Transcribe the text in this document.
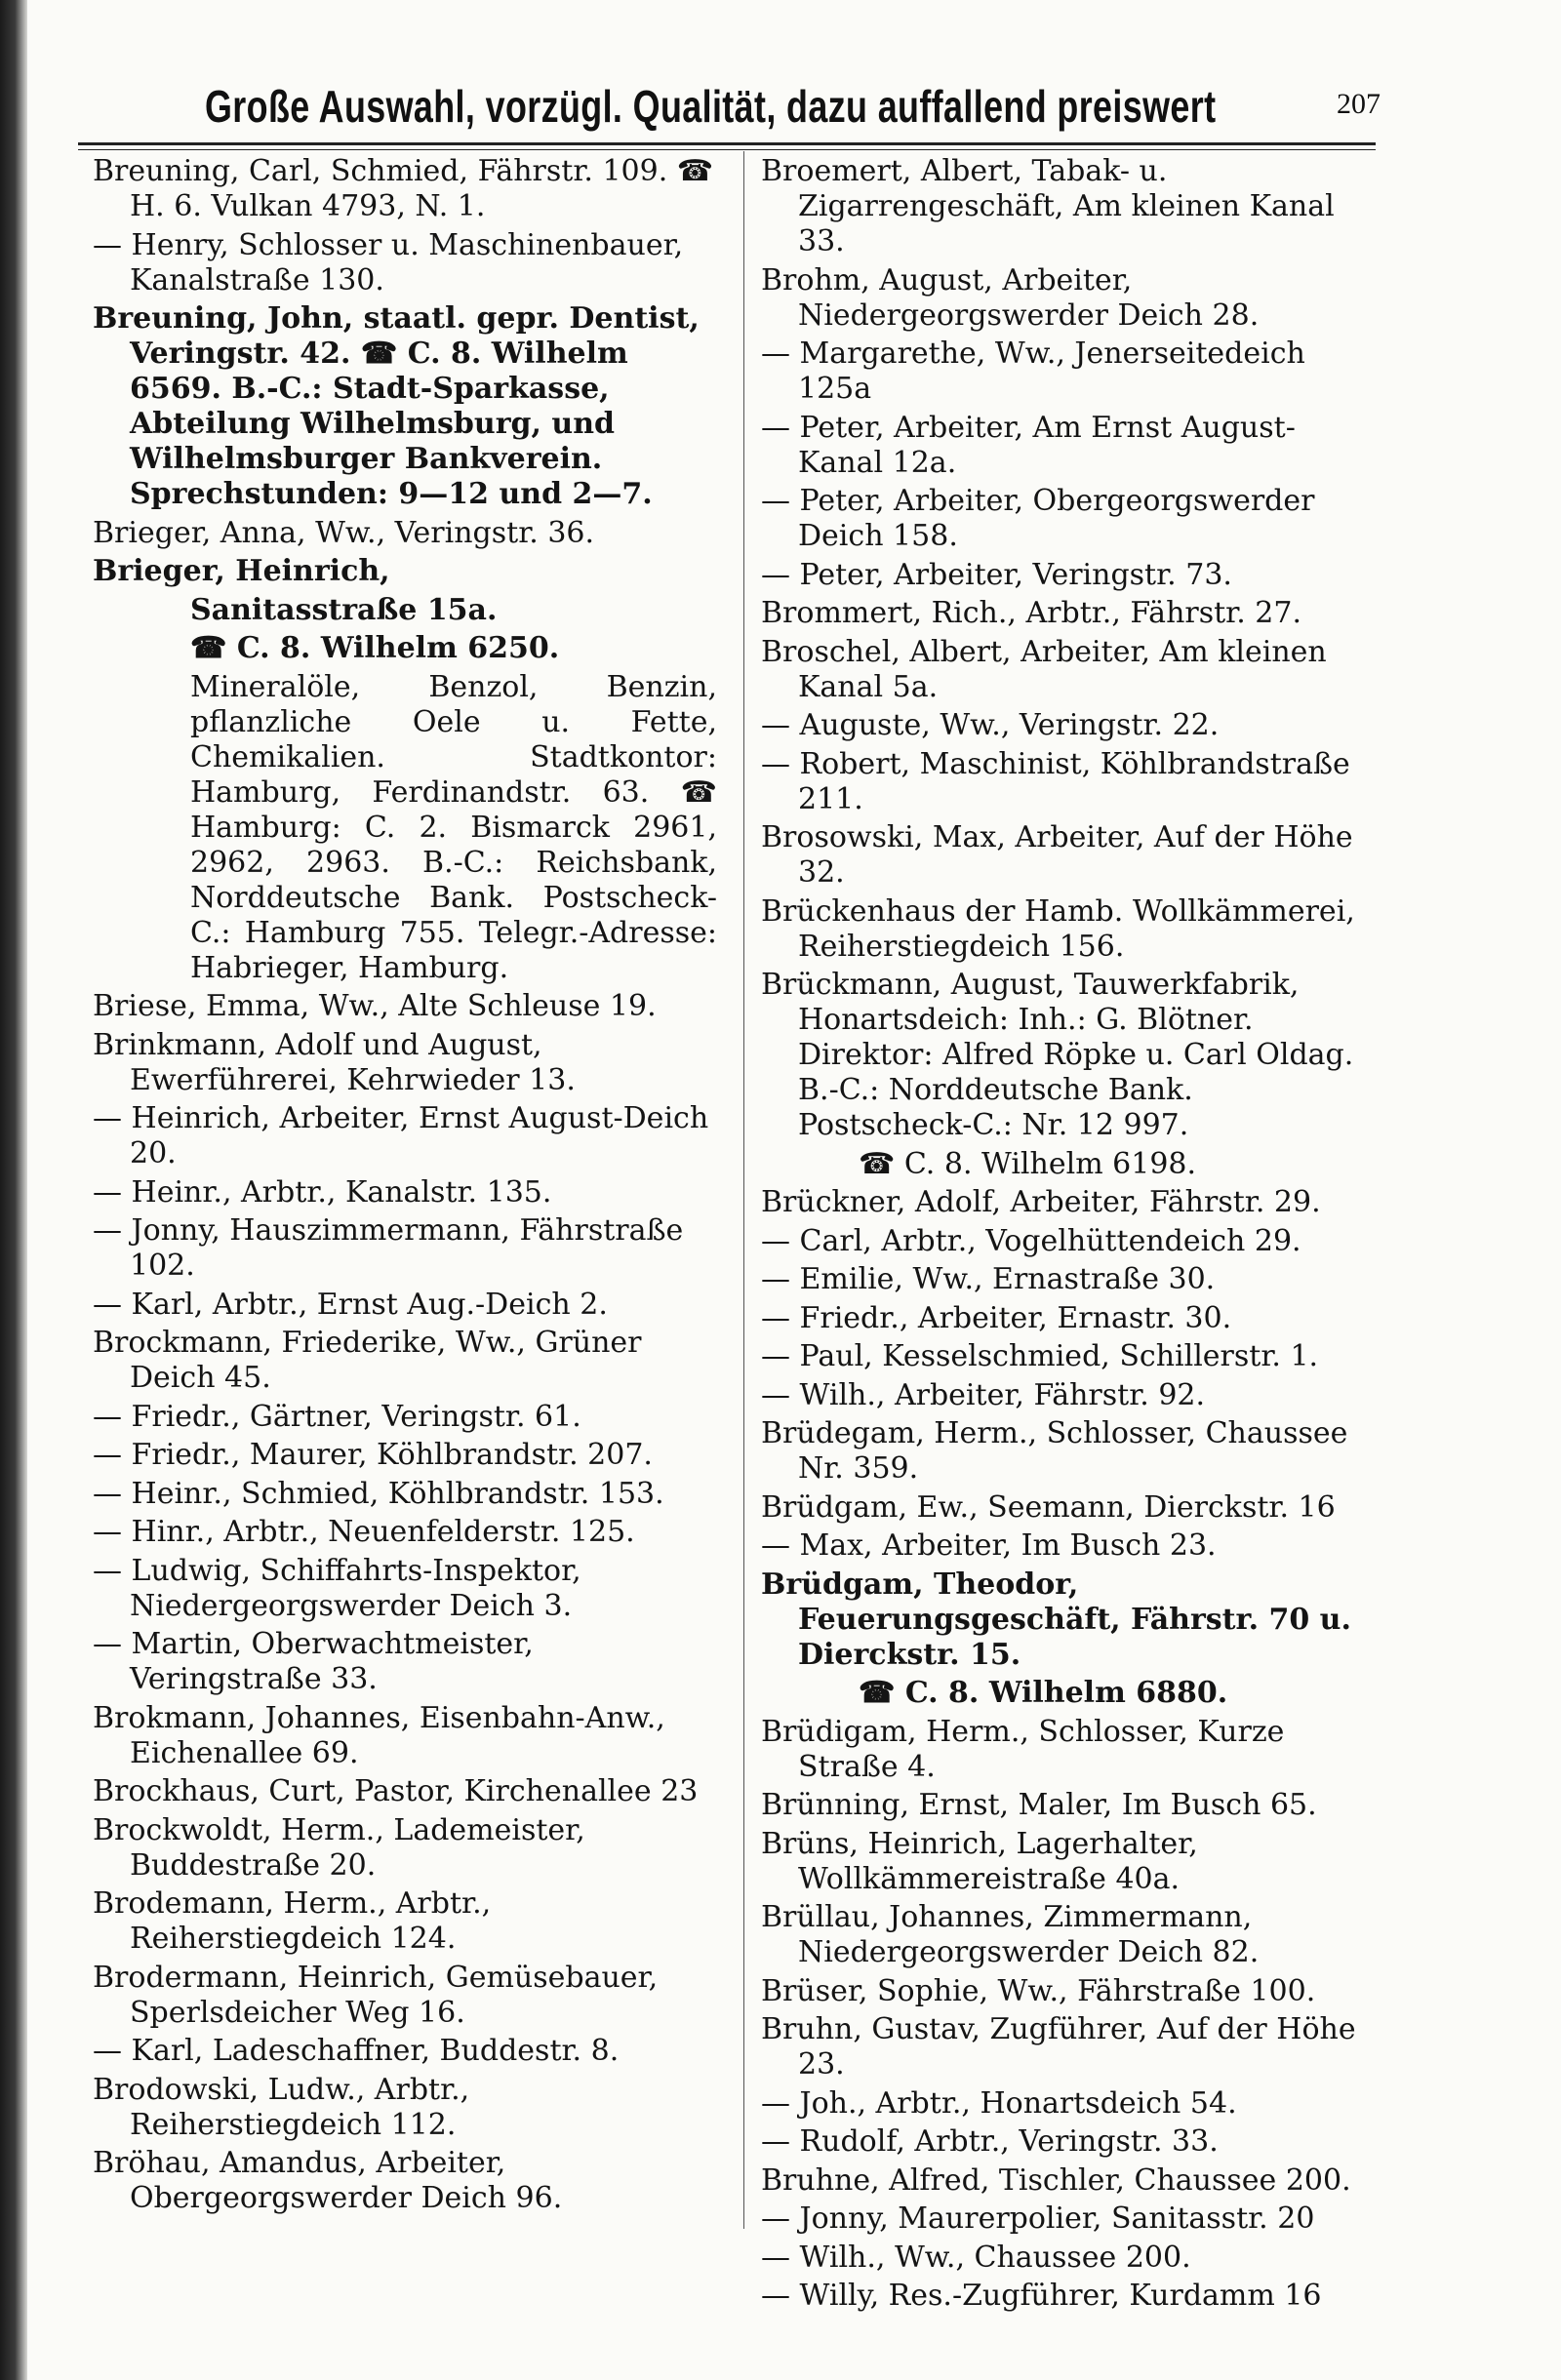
Große Auswahl, vorzügl. Qualität, dazu auffallend preiswert	207

Breuning, Carl, Schmied, Fährstr. 109. ☎ H. 6. Vulkan 4793, N. 1.

— Henry, Schlosser u. Maschinenbauer, Kanalstraße 130.

Breuning, John, staatl. gepr. Dentist, Veringstr. 42. ☎ C. 8. Wilhelm 6569. B.-C.: Stadt-Sparkasse, Abteilung Wilhelmsburg, und Wilhelmsburger Bankverein. Sprechstunden: 9—12 und 2—7.

Brieger, Anna, Ww., Veringstr. 36.

Brieger, Heinrich,

Sanitasstraße 15a.

☎ C. 8. Wilhelm 6250.

Mineralöle, Benzol, Benzin, pflanzliche Oele u. Fette, Chemikalien. Stadtkontor: Hamburg, Ferdinandstr. 63. ☎ Hamburg: C. 2. Bismarck 2961, 2962, 2963. B.-C.: Reichsbank, Norddeutsche Bank. Postscheck-C.: Hamburg 755. Telegr.-Adresse: Habrieger, Hamburg.

Briese, Emma, Ww., Alte Schleuse 19.

Brinkmann, Adolf und August, Ewerführerei, Kehrwieder 13.

— Heinrich, Arbeiter, Ernst August-Deich 20.

— Heinr., Arbtr., Kanalstr. 135.

— Jonny, Hauszimmermann, Fährstraße 102.

— Karl, Arbtr., Ernst Aug.-Deich 2.

Brockmann, Friederike, Ww., Grüner Deich 45.

— Friedr., Gärtner, Veringstr. 61.

— Friedr., Maurer, Köhlbrandstr. 207.

— Heinr., Schmied, Köhlbrandstr. 153.

— Hinr., Arbtr., Neuenfelderstr. 125.

— Ludwig, Schiffahrts-Inspektor, Niedergeorgswerder Deich 3.

— Martin, Oberwachtmeister, Veringstraße 33.

Brokmann, Johannes, Eisenbahn-Anw., Eichenallee 69.

Brockhaus, Curt, Pastor, Kirchenallee 23

Brockwoldt, Herm., Lademeister, Buddestraße 20.

Brodemann, Herm., Arbtr., Reiherstiegdeich 124.

Brodermann, Heinrich, Gemüsebauer, Sperlsdeicher Weg 16.

— Karl, Ladeschaffner, Buddestr. 8.

Brodowski, Ludw., Arbtr., Reiherstiegdeich 112.

Bröhau, Amandus, Arbeiter, Obergeorgswerder Deich 96.

Broemert, Albert, Tabak- u. Zigarrengeschäft, Am kleinen Kanal 33.

Brohm, August, Arbeiter, Niedergeorgswerder Deich 28.

— Margarethe, Ww., Jenerseitedeich 125a

— Peter, Arbeiter, Am Ernst August-Kanal 12a.

— Peter, Arbeiter, Obergeorgswerder Deich 158.

— Peter, Arbeiter, Veringstr. 73.

Brommert, Rich., Arbtr., Fährstr. 27.

Broschel, Albert, Arbeiter, Am kleinen Kanal 5a.

— Auguste, Ww., Veringstr. 22.

— Robert, Maschinist, Köhlbrandstraße 211.

Brosowski, Max, Arbeiter, Auf der Höhe 32.

Brückenhaus der Hamb. Wollkämmerei, Reiherstiegdeich 156.

Brückmann, August, Tauwerkfabrik, Honartsdeich: Inh.: G. Blötner. Direktor: Alfred Röpke u. Carl Oldag. B.-C.: Norddeutsche Bank. Postscheck-C.: Nr. 12 997.

☎ C. 8. Wilhelm 6198.

Brückner, Adolf, Arbeiter, Fährstr. 29.

— Carl, Arbtr., Vogelhüttendeich 29.

— Emilie, Ww., Ernastraße 30.

— Friedr., Arbeiter, Ernastr. 30.

— Paul, Kesselschmied, Schillerstr. 1.

— Wilh., Arbeiter, Fährstr. 92.

Brüdegam, Herm., Schlosser, Chaussee Nr. 359.

Brüdgam, Ew., Seemann, Dierckstr. 16

— Max, Arbeiter, Im Busch 23.

Brüdgam, Theodor, Feuerungsgeschäft, Fährstr. 70 u. Dierckstr. 15.

☎ C. 8. Wilhelm 6880.

Brüdigam, Herm., Schlosser, Kurze Straße 4.

Brünning, Ernst, Maler, Im Busch 65.

Brüns, Heinrich, Lagerhalter, Wollkämmereistraße 40a.

Brüllau, Johannes, Zimmermann, Niedergeorgswerder Deich 82.

Brüser, Sophie, Ww., Fährstraße 100.

Bruhn, Gustav, Zugführer, Auf der Höhe 23.

— Joh., Arbtr., Honartsdeich 54.

— Rudolf, Arbtr., Veringstr. 33.

Bruhne, Alfred, Tischler, Chaussee 200.

— Jonny, Maurerpolier, Sanitasstr. 20

— Wilh., Ww., Chaussee 200.

— Willy, Res.-Zugführer, Kurdamm 16
